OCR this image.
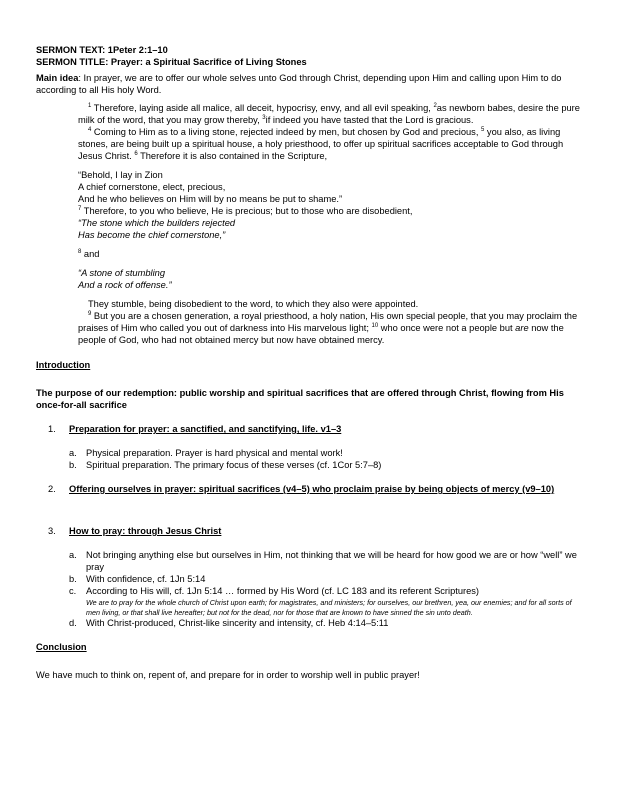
SERMON TEXT: 1Peter 2:1–10

SERMON TITLE: Prayer: a Spiritual Sacrifice of Living Stones

Main idea: In prayer, we are to offer our whole selves unto God through Christ, depending upon Him and calling upon Him to do according to all His holy Word.

$^1$ Therefore, laying aside all malice, all deceit, hypocrisy, envy, and all evil speaking, $^2$as newborn babes, desire the pure milk of the word, that you may grow thereby, $^3$if indeed you have tasted that the Lord is gracious.

$^4$ Coming to Him as to a living stone, rejected indeed by men, but chosen by God and precious, $^5$ you also, as living stones, are being built up a spiritual house, a holy priesthood, to offer up spiritual sacrifices acceptable to God through Jesus Christ. $^6$ Therefore it is also contained in the Scripture,

“Behold, I lay in Zion

A chief cornerstone, elect, precious,

And he who believes on Him will by no means be put to shame.”

$^7$ Therefore, to you who believe, He is precious; but to those who are disobedient,

“The stone which the builders rejected

Has become the chief cornerstone,”

$^8$ and

“A stone of stumbling

And a rock of offense.”

They stumble, being disobedient to the word, to which they also were appointed.

$^9$ But you are a chosen generation, a royal priesthood, a holy nation, His own special people, that you may proclaim the praises of Him who called you out of darkness into His marvelous light; $^{10}$ who once were not a people but are now the people of God, who had not obtained mercy but now have obtained mercy.

Introduction

The purpose of our redemption: public worship and spiritual sacrifices that are offered through Christ, flowing from His once-for-all sacrifice

1. Preparation for prayer: a sanctified, and sanctifying, life. v1–3
a. Physical preparation. Prayer is hard physical and mental work!
b. Spiritual preparation. The primary focus of these verses (cf. 1Cor 5:7–8)
2. Offering ourselves in prayer: spiritual sacrifices (v4–5) who proclaim praise by being objects of mercy (v9–10)
3. How to pray: through Jesus Christ
a. Not bringing anything else but ourselves in Him, not thinking that we will be heard for how good we are or how “well” we pray
b. With confidence, cf. 1Jn 5:14
c. According to His will, cf. 1Jn 5:14 … formed by His Word (cf. LC 183 and its referent Scriptures)

We are to pray for the whole church of Christ upon earth; for magistrates, and ministers; for ourselves, our brethren, yea, our enemies; and for all sorts of men living, or that shall live hereafter; but not for the dead, nor for those that are known to have sinned the sin unto death.

d. With Christ-produced, Christ-like sincerity and intensity, cf. Heb 4:14–5:11

Conclusion

We have much to think on, repent of, and prepare for in order to worship well in public prayer!
